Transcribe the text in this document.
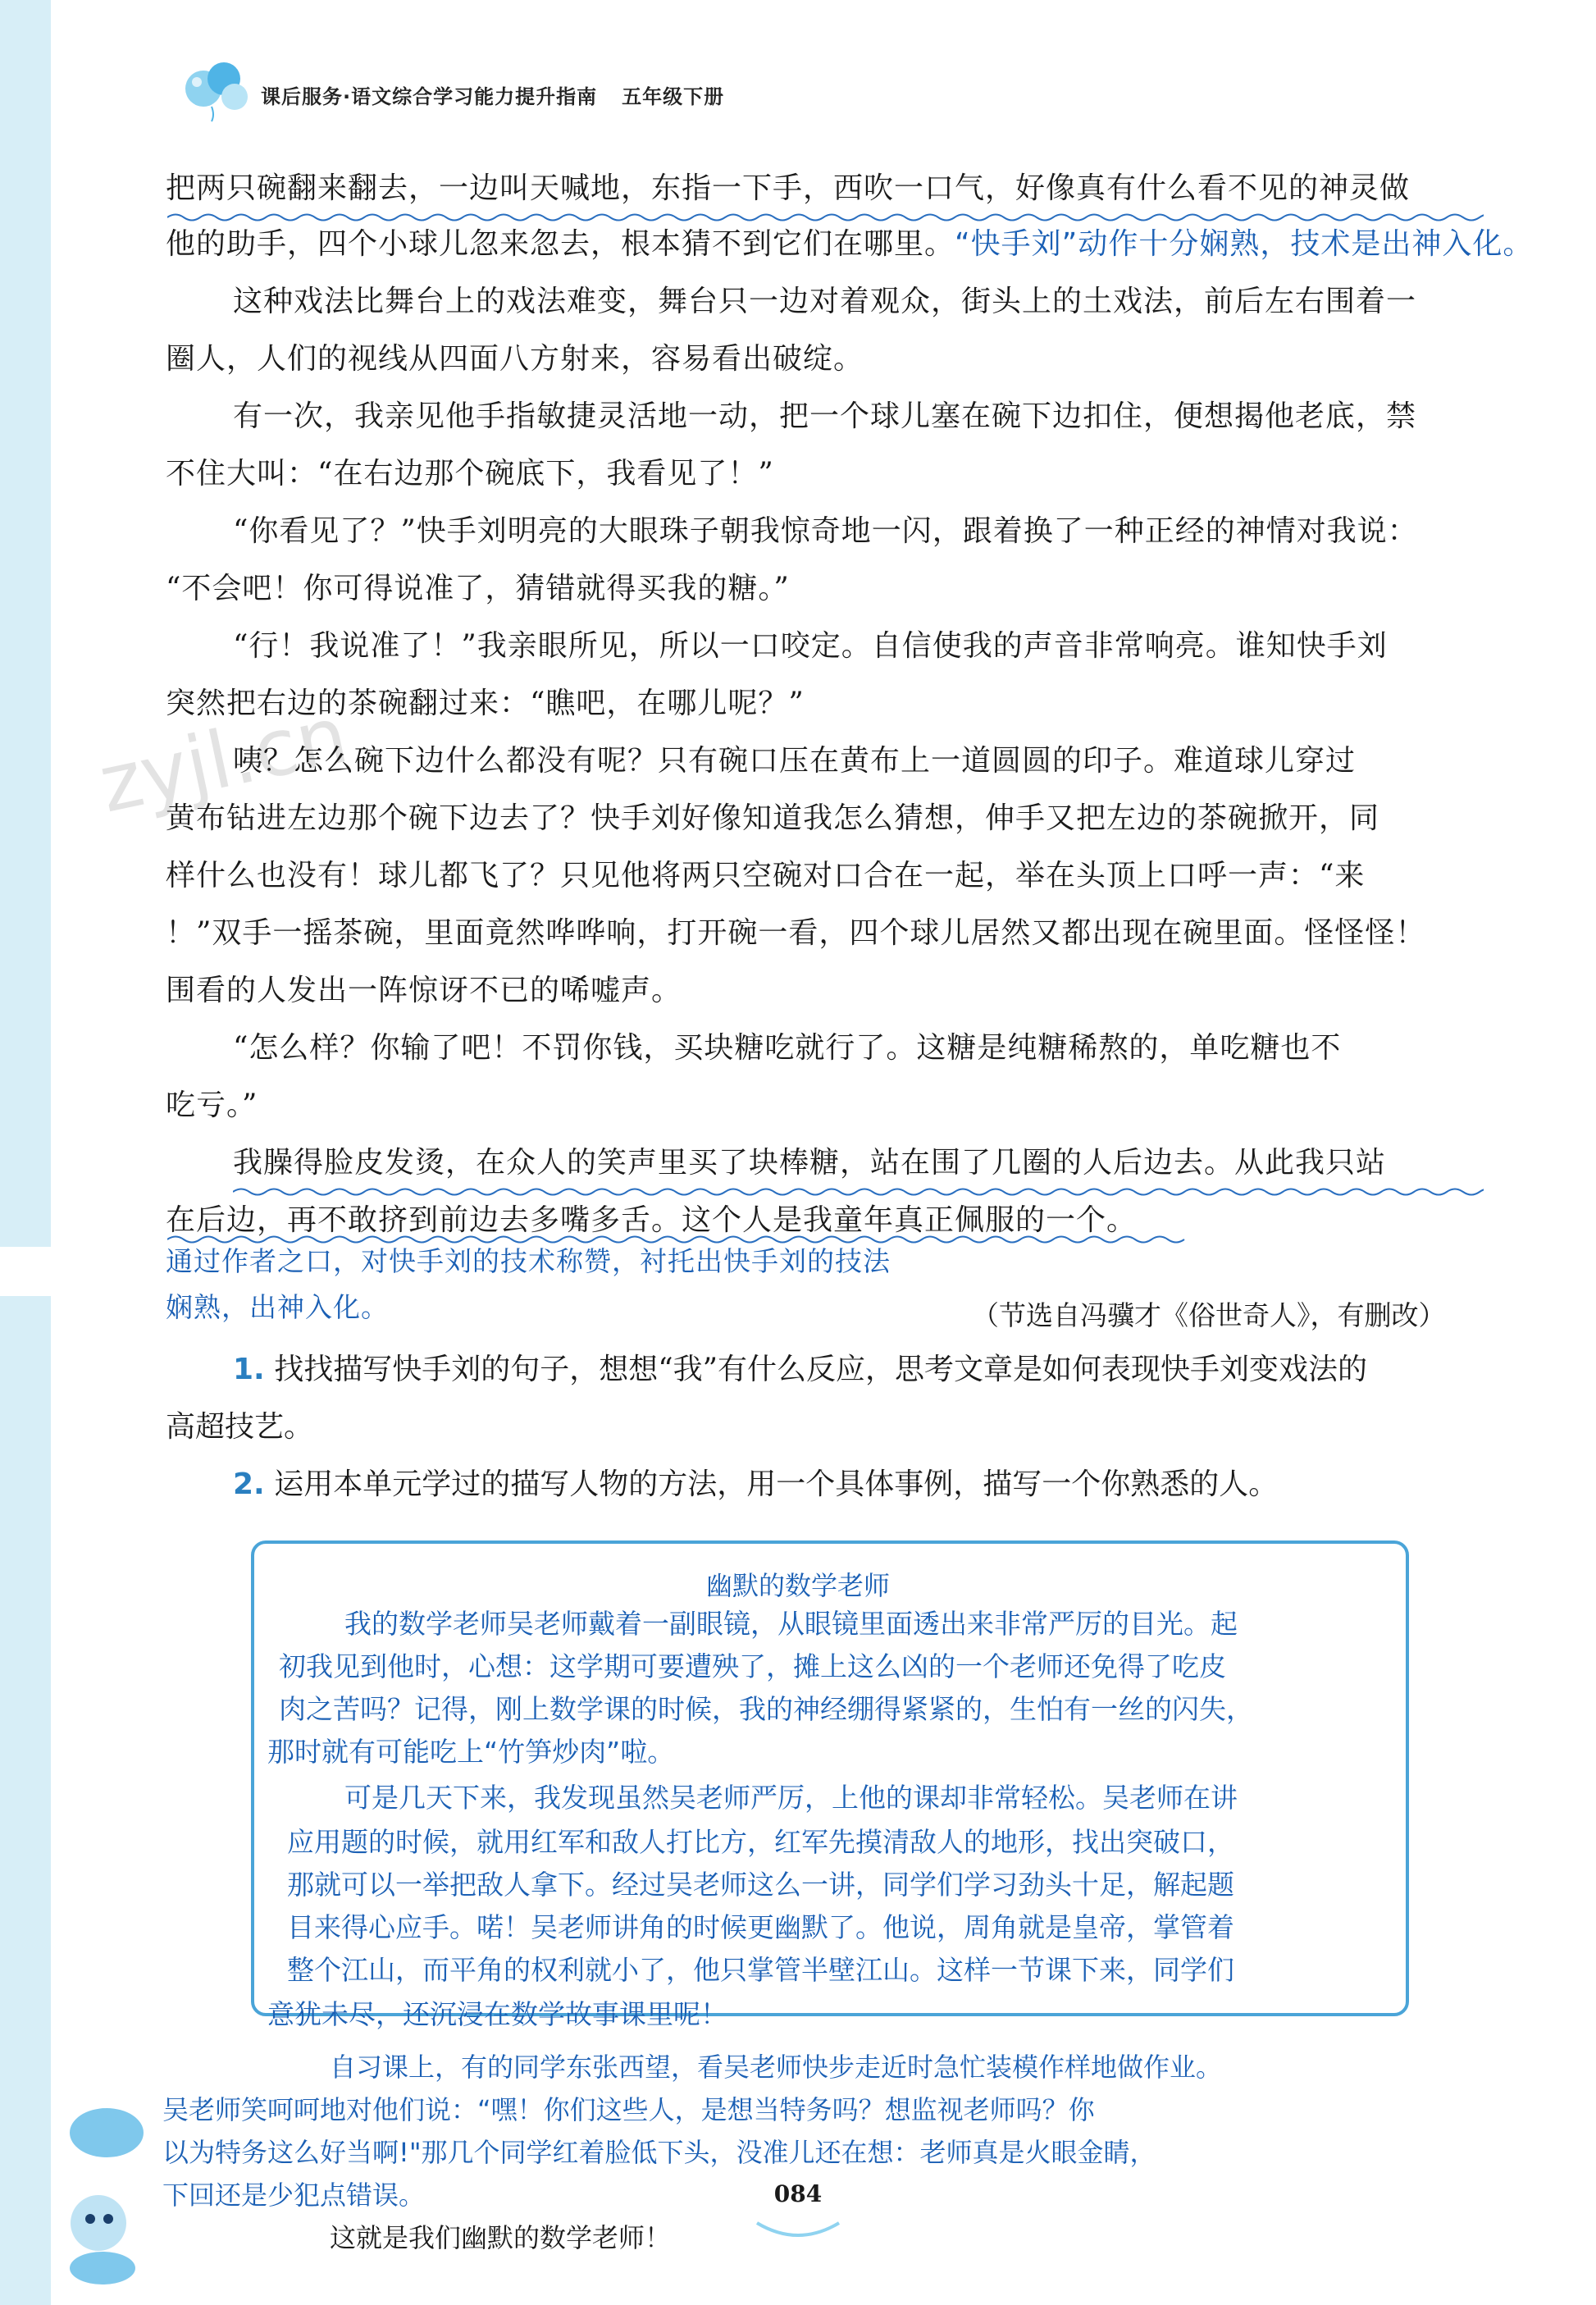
课后服务·语文综合学习能力提升指南 五年级下册
zyjl.cn
把两只碗翻来翻去，一边叫天喊地，东指一下手，西吹一口气，好像真有什么看不见的神灵做
他的助手，四个小球儿忽来忽去，根本猜不到它们在哪里。“快手刘”动作十分娴熟，技术是出神入化。
这种戏法比舞台上的戏法难变，舞台只一边对着观众，街头上的土戏法，前后左右围着一
圈人，人们的视线从四面八方射来，容易看出破绽。
有一次，我亲见他手指敏捷灵活地一动，把一个球儿塞在碗下边扣住，便想揭他老底，禁
不住大叫：“在右边那个碗底下，我看见了！”
“你看见了？”快手刘明亮的大眼珠子朝我惊奇地一闪，跟着换了一种正经的神情对我说：
“不会吧！你可得说准了，猜错就得买我的糖。”
“行！我说准了！”我亲眼所见，所以一口咬定。自信使我的声音非常响亮。谁知快手刘
突然把右边的茶碗翻过来：“瞧吧，在哪儿呢？”
咦？怎么碗下边什么都没有呢？只有碗口压在黄布上一道圆圆的印子。难道球儿穿过
黄布钻进左边那个碗下边去了？快手刘好像知道我怎么猜想，伸手又把左边的茶碗掀开，同
样什么也没有！球儿都飞了？只见他将两只空碗对口合在一起，举在头顶上口呼一声：“来
！”双手一摇茶碗，里面竟然哗哗响，打开碗一看，四个球儿居然又都出现在碗里面。怪怪怪！
围看的人发出一阵惊讶不已的唏嘘声。
“怎么样？你输了吧！不罚你钱，买块糖吃就行了。这糖是纯糖稀熬的，单吃糖也不
吃亏。”
我臊得脸皮发烫，在众人的笑声里买了块棒糖，站在围了几圈的人后边去。从此我只站
在后边，再不敢挤到前边去多嘴多舌。这个人是我童年真正佩服的一个。
通过作者之口，对快手刘的技术称赞，衬托出快手刘的技法
娴熟，出神入化。	（节选自冯骥才《俗世奇人》，有删改）
1. 找找描写快手刘的句子，想想“我”有什么反应，思考文章是如何表现快手刘变戏法的
高超技艺。
2. 运用本单元学过的描写人物的方法，用一个具体事例，描写一个你熟悉的人。
幽默的数学老师
我的数学老师吴老师戴着一副眼镜，从眼镜里面透出来非常严厉的目光。起
初我见到他时，心想：这学期可要遭殃了，摊上这么凶的一个老师还免得了吃皮
肉之苦吗？记得，刚上数学课的时候，我的神经绷得紧紧的，生怕有一丝的闪失，
那时就有可能吃上“竹笋炒肉”啦。
可是几天下来，我发现虽然吴老师严厉，上他的课却非常轻松。吴老师在讲
应用题的时候，就用红军和敌人打比方，红军先摸清敌人的地形，找出突破口，
那就可以一举把敌人拿下。经过吴老师这么一讲，同学们学习劲头十足，解起题
目来得心应手。喏！吴老师讲角的时候更幽默了。他说，周角就是皇帝，掌管着
整个江山，而平角的权利就小了，他只掌管半壁江山。这样一节课下来，同学们
意犹未尽，还沉浸在数学故事课里呢！
自习课上，有的同学东张西望，看吴老师快步走近时急忙装模作样地做作业。
吴老师笑呵呵地对他们说：“嘿！你们这些人，是想当特务吗？想监视老师吗？你
以为特务这么好当啊!"那几个同学红着脸低下头，没准儿还在想：老师真是火眼金睛，
下回还是少犯点错误。
这就是我们幽默的数学老师！
084
